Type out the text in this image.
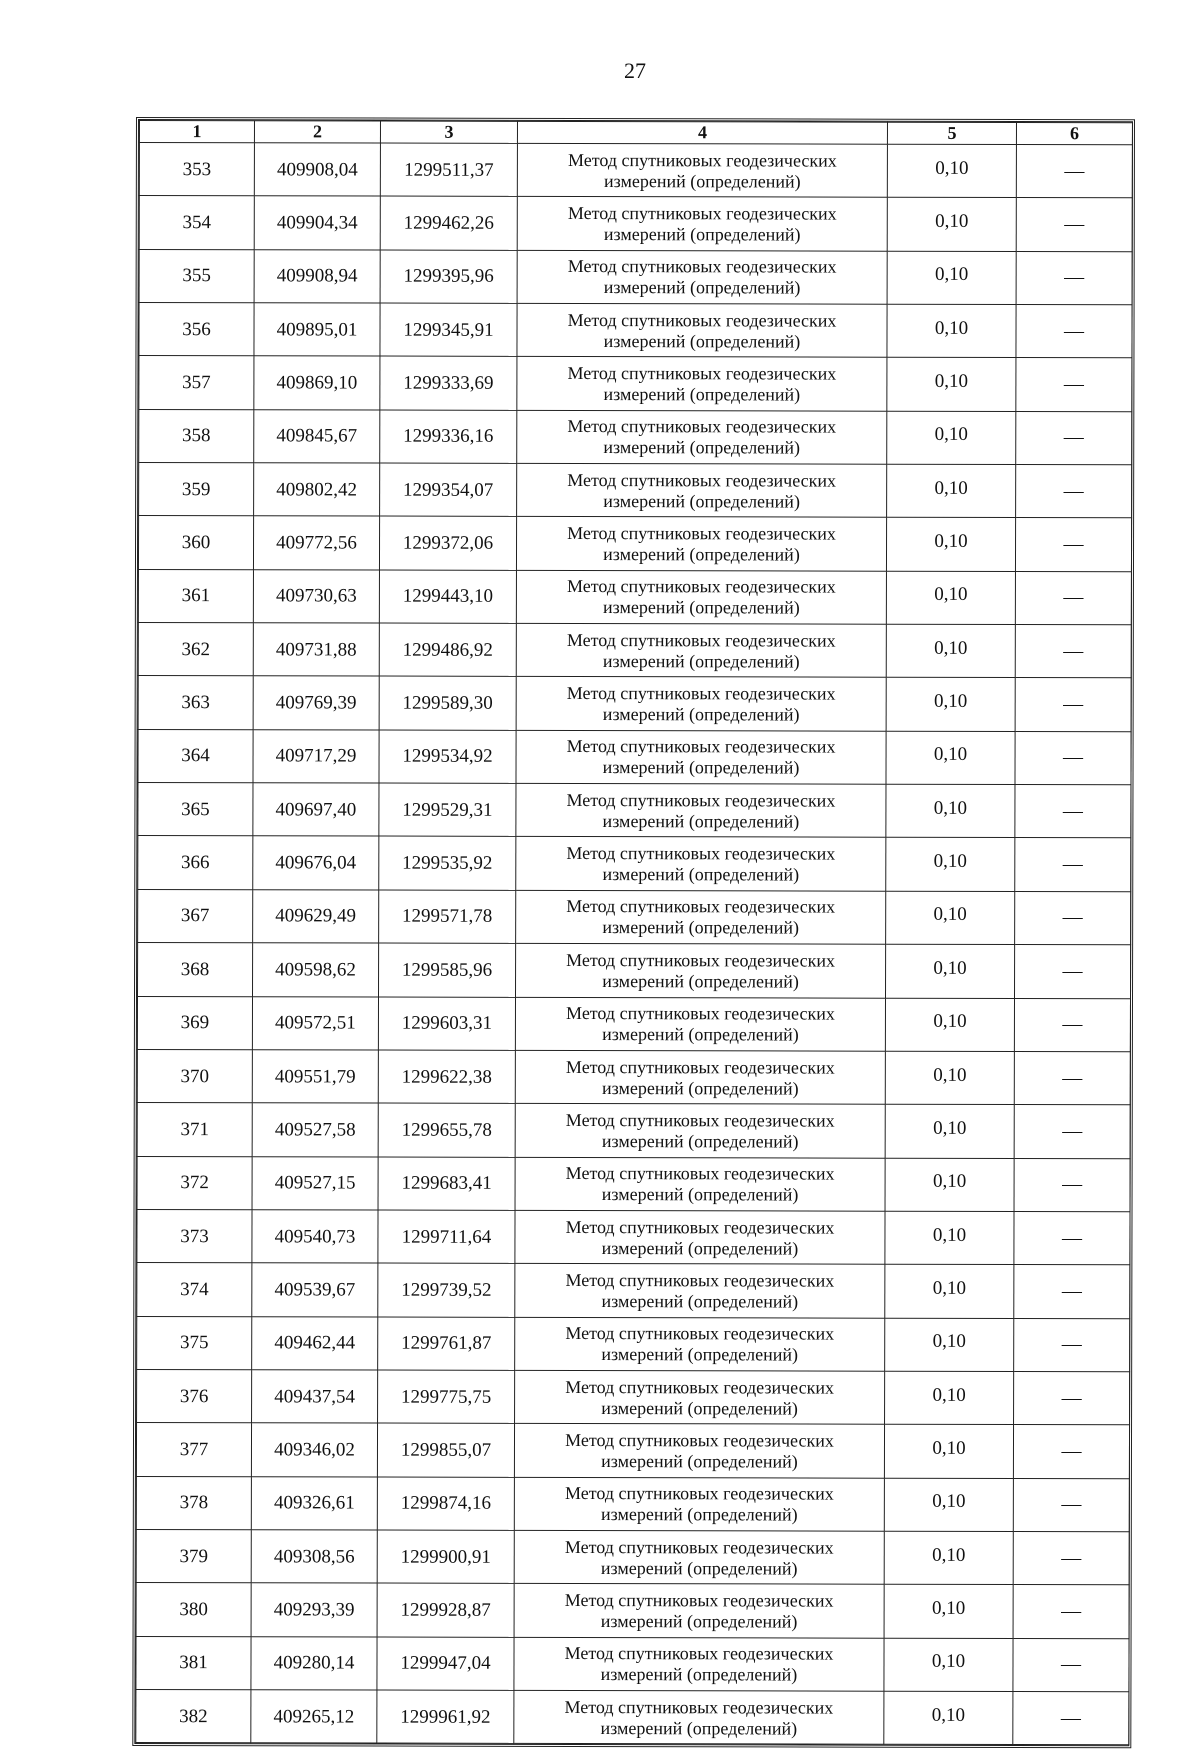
27
1	2	3	4	5	6
353	409908,04	1299511,37	Метод спутниковых геодезических
измерений (определений)	0,10	—
354	409904,34	1299462,26	Метод спутниковых геодезических
измерений (определений)	0,10	—
355	409908,94	1299395,96	Метод спутниковых геодезических
измерений (определений)	0,10	—
356	409895,01	1299345,91	Метод спутниковых геодезических
измерений (определений)	0,10	—
357	409869,10	1299333,69	Метод спутниковых геодезических
измерений (определений)	0,10	—
358	409845,67	1299336,16	Метод спутниковых геодезических
измерений (определений)	0,10	—
359	409802,42	1299354,07	Метод спутниковых геодезических
измерений (определений)	0,10	—
360	409772,56	1299372,06	Метод спутниковых геодезических
измерений (определений)	0,10	—
361	409730,63	1299443,10	Метод спутниковых геодезических
измерений (определений)	0,10	—
362	409731,88	1299486,92	Метод спутниковых геодезических
измерений (определений)	0,10	—
363	409769,39	1299589,30	Метод спутниковых геодезических
измерений (определений)	0,10	—
364	409717,29	1299534,92	Метод спутниковых геодезических
измерений (определений)	0,10	—
365	409697,40	1299529,31	Метод спутниковых геодезических
измерений (определений)	0,10	—
366	409676,04	1299535,92	Метод спутниковых геодезических
измерений (определений)	0,10	—
367	409629,49	1299571,78	Метод спутниковых геодезических
измерений (определений)	0,10	—
368	409598,62	1299585,96	Метод спутниковых геодезических
измерений (определений)	0,10	—
369	409572,51	1299603,31	Метод спутниковых геодезических
измерений (определений)	0,10	—
370	409551,79	1299622,38	Метод спутниковых геодезических
измерений (определений)	0,10	—
371	409527,58	1299655,78	Метод спутниковых геодезических
измерений (определений)	0,10	—
372	409527,15	1299683,41	Метод спутниковых геодезических
измерений (определений)	0,10	—
373	409540,73	1299711,64	Метод спутниковых геодезических
измерений (определений)	0,10	—
374	409539,67	1299739,52	Метод спутниковых геодезических
измерений (определений)	0,10	—
375	409462,44	1299761,87	Метод спутниковых геодезических
измерений (определений)	0,10	—
376	409437,54	1299775,75	Метод спутниковых геодезических
измерений (определений)	0,10	—
377	409346,02	1299855,07	Метод спутниковых геодезических
измерений (определений)	0,10	—
378	409326,61	1299874,16	Метод спутниковых геодезических
измерений (определений)	0,10	—
379	409308,56	1299900,91	Метод спутниковых геодезических
измерений (определений)	0,10	—
380	409293,39	1299928,87	Метод спутниковых геодезических
измерений (определений)	0,10	—
381	409280,14	1299947,04	Метод спутниковых геодезических
измерений (определений)	0,10	—
382	409265,12	1299961,92	Метод спутниковых геодезических
измерений (определений)	0,10	—
